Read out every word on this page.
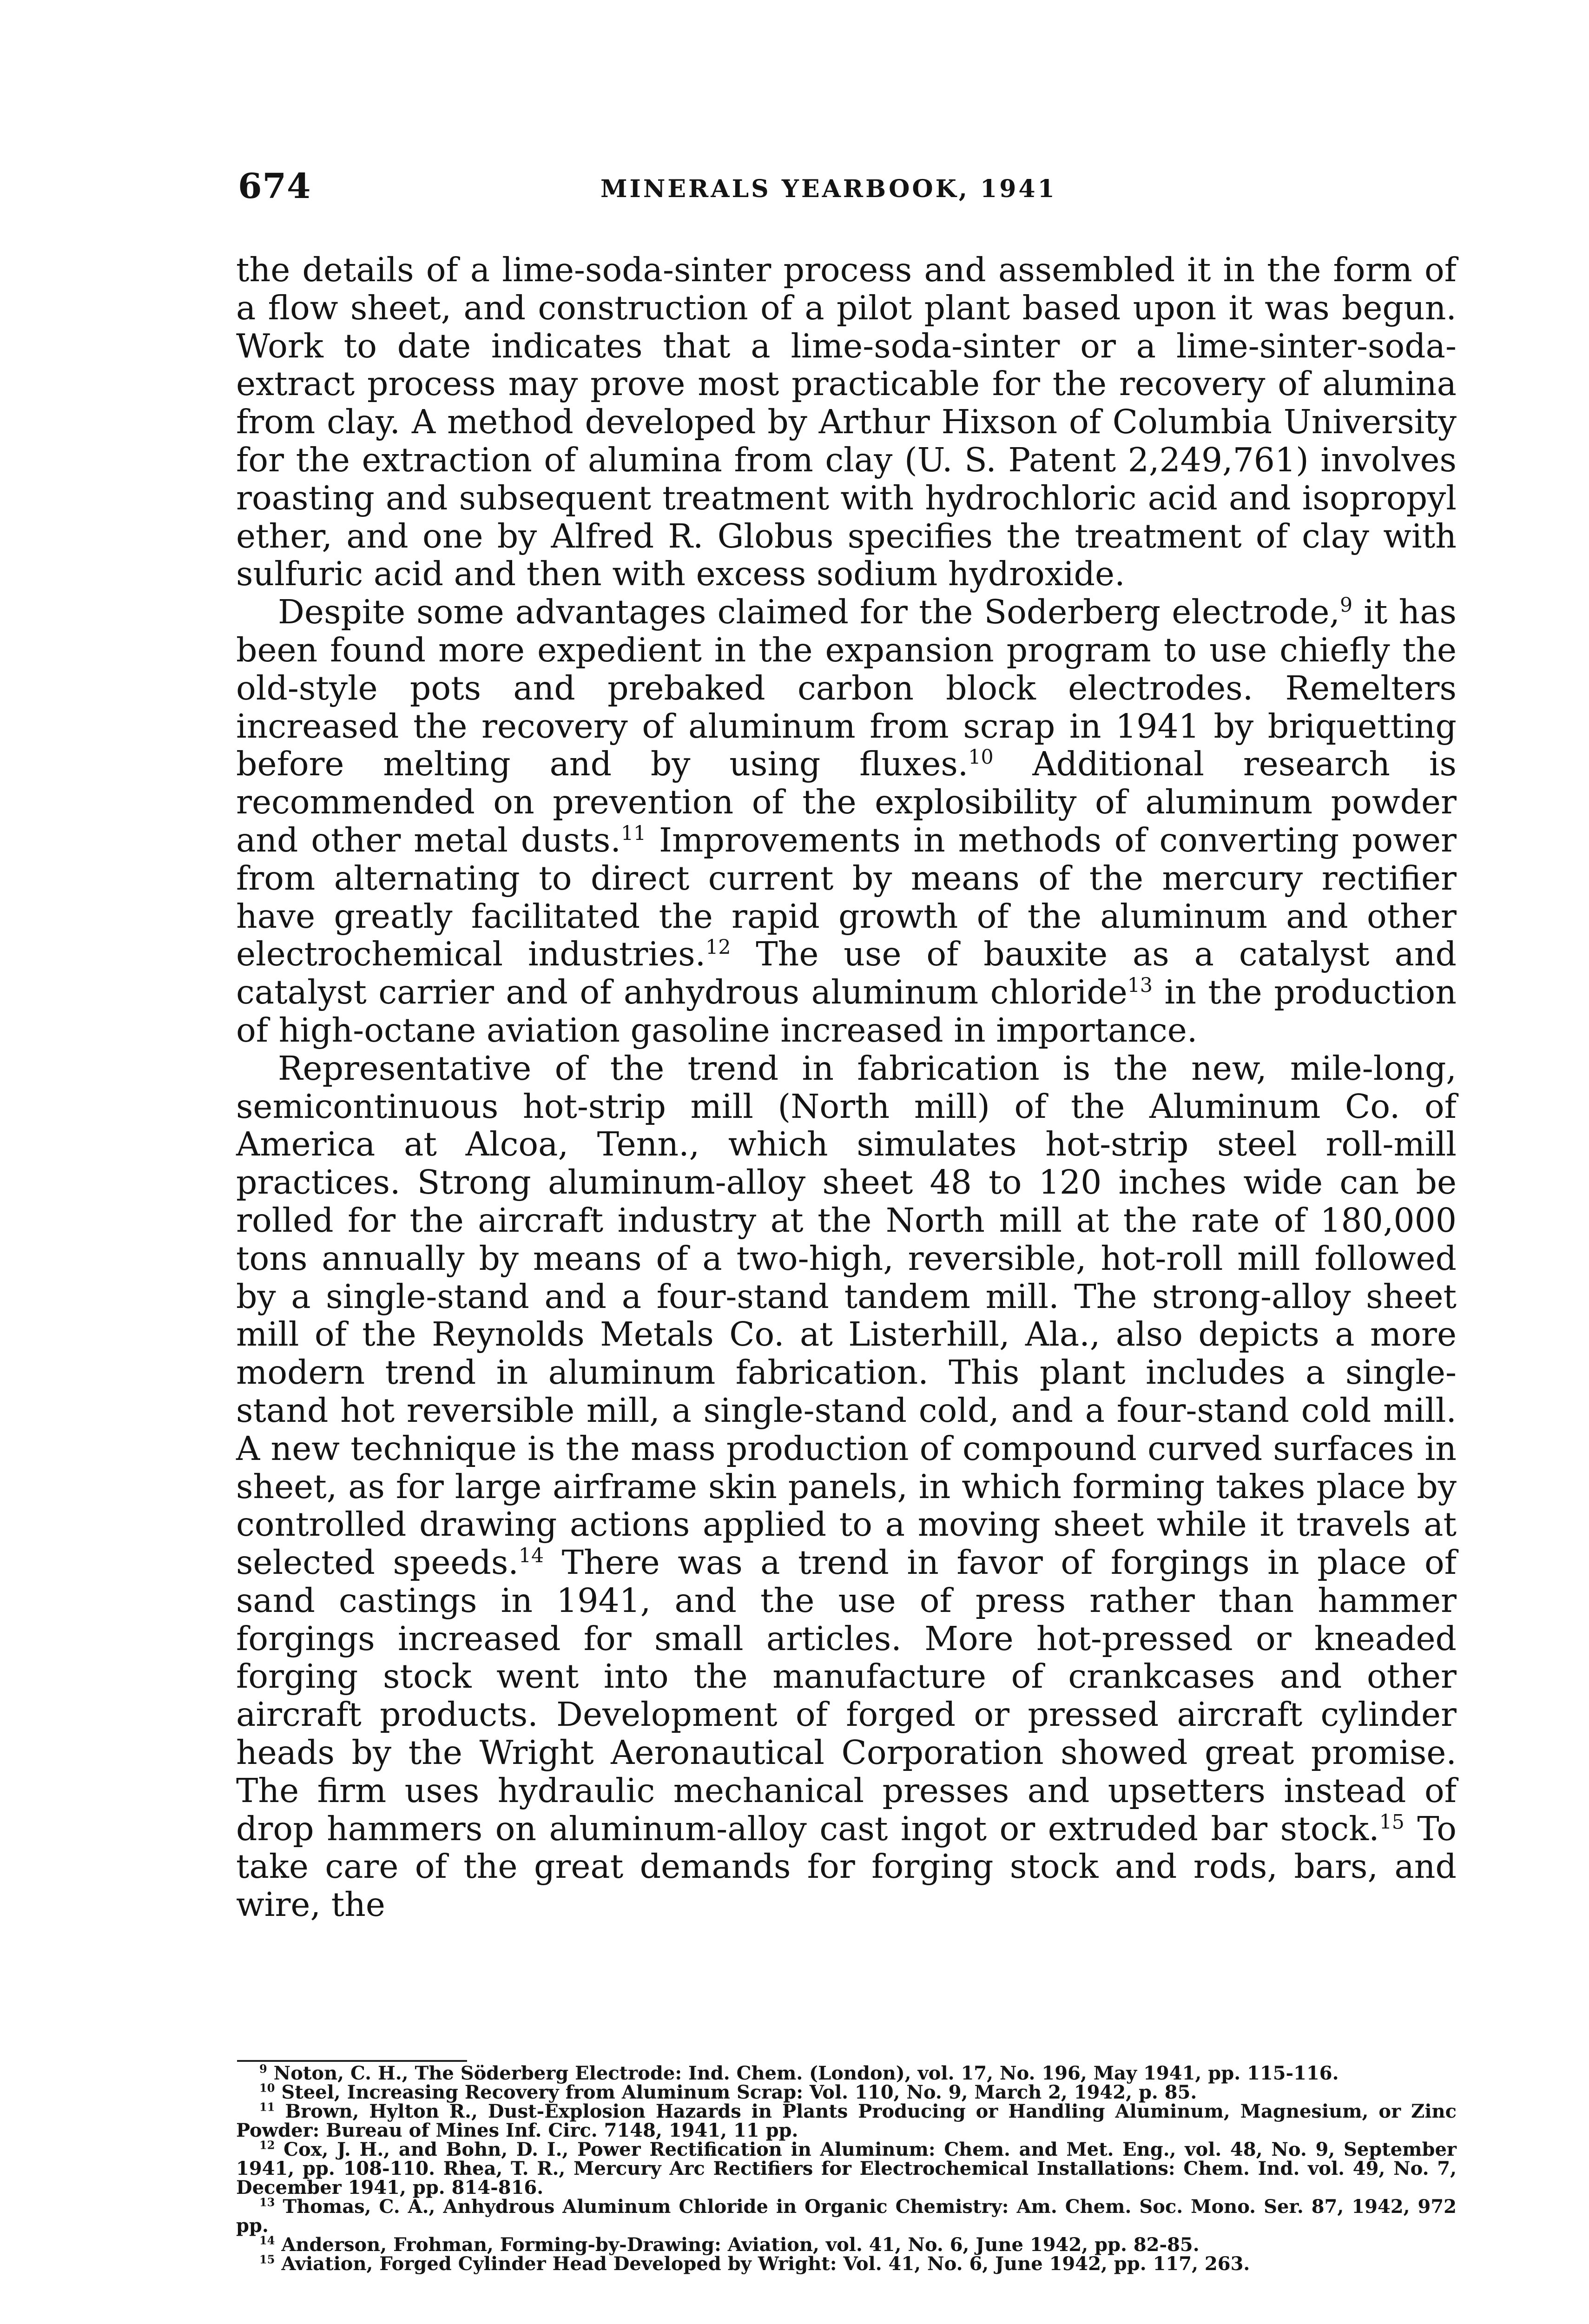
674	MINERALS YEARBOOK, 1941

the details of a lime-soda-sinter process and assembled it in the form of a flow sheet, and construction of a pilot plant based upon it was begun. Work to date indicates that a lime-soda-sinter or a lime-sinter-soda-extract process may prove most practicable for the recovery of alumina from clay. A method developed by Arthur Hixson of Columbia University for the extraction of alumina from clay (U. S. Patent 2,249,761) involves roasting and subsequent treatment with hydrochloric acid and isopropyl ether, and one by Alfred R. Globus specifies the treatment of clay with sulfuric acid and then with excess sodium hydroxide.

Despite some advantages claimed for the Soderberg electrode,$^9$ it has been found more expedient in the expansion program to use chiefly the old-style pots and prebaked carbon block electrodes. Remelters increased the recovery of aluminum from scrap in 1941 by briquetting before melting and by using fluxes.$^{10}$ Additional research is recommended on prevention of the explosibility of aluminum powder and other metal dusts.$^{11}$ Improvements in methods of converting power from alternating to direct current by means of the mercury rectifier have greatly facilitated the rapid growth of the aluminum and other electrochemical industries.$^{12}$ The use of bauxite as a catalyst and catalyst carrier and of anhydrous aluminum chloride$^{13}$ in the production of high-octane aviation gasoline increased in importance.

Representative of the trend in fabrication is the new, mile-long, semicontinuous hot-strip mill (North mill) of the Aluminum Co. of America at Alcoa, Tenn., which simulates hot-strip steel roll-mill practices. Strong aluminum-alloy sheet 48 to 120 inches wide can be rolled for the aircraft industry at the North mill at the rate of 180,000 tons annually by means of a two-high, reversible, hot-roll mill followed by a single-stand and a four-stand tandem mill. The strong-alloy sheet mill of the Reynolds Metals Co. at Listerhill, Ala., also depicts a more modern trend in aluminum fabrication. This plant includes a single-stand hot reversible mill, a single-stand cold, and a four-stand cold mill. A new technique is the mass production of compound curved surfaces in sheet, as for large airframe skin panels, in which forming takes place by controlled drawing actions applied to a moving sheet while it travels at selected speeds.$^{14}$ There was a trend in favor of forgings in place of sand castings in 1941, and the use of press rather than hammer forgings increased for small articles. More hot-pressed or kneaded forging stock went into the manufacture of crankcases and other aircraft products. Development of forged or pressed aircraft cylinder heads by the Wright Aeronautical Corporation showed great promise. The firm uses hydraulic mechanical presses and upsetters instead of drop hammers on aluminum-alloy cast ingot or extruded bar stock.$^{15}$ To take care of the great demands for forging stock and rods, bars, and wire, the

$^9$ Noton, C. H., The Söderberg Electrode: Ind. Chem. (London), vol. 17, No. 196, May 1941, pp. 115-116.

$^{10}$ Steel, Increasing Recovery from Aluminum Scrap: Vol. 110, No. 9, March 2, 1942, p. 85.

$^{11}$ Brown, Hylton R., Dust-Explosion Hazards in Plants Producing or Handling Aluminum, Magnesium, or Zinc Powder: Bureau of Mines Inf. Circ. 7148, 1941, 11 pp.

$^{12}$ Cox, J. H., and Bohn, D. I., Power Rectification in Aluminum: Chem. and Met. Eng., vol. 48, No. 9, September 1941, pp. 108-110. Rhea, T. R., Mercury Arc Rectifiers for Electrochemical Installations: Chem. Ind. vol. 49, No. 7, December 1941, pp. 814-816.

$^{13}$ Thomas, C. A., Anhydrous Aluminum Chloride in Organic Chemistry: Am. Chem. Soc. Mono. Ser. 87, 1942, 972 pp.

$^{14}$ Anderson, Frohman, Forming-by-Drawing: Aviation, vol. 41, No. 6, June 1942, pp. 82-85.

$^{15}$ Aviation, Forged Cylinder Head Developed by Wright: Vol. 41, No. 6, June 1942, pp. 117, 263.
